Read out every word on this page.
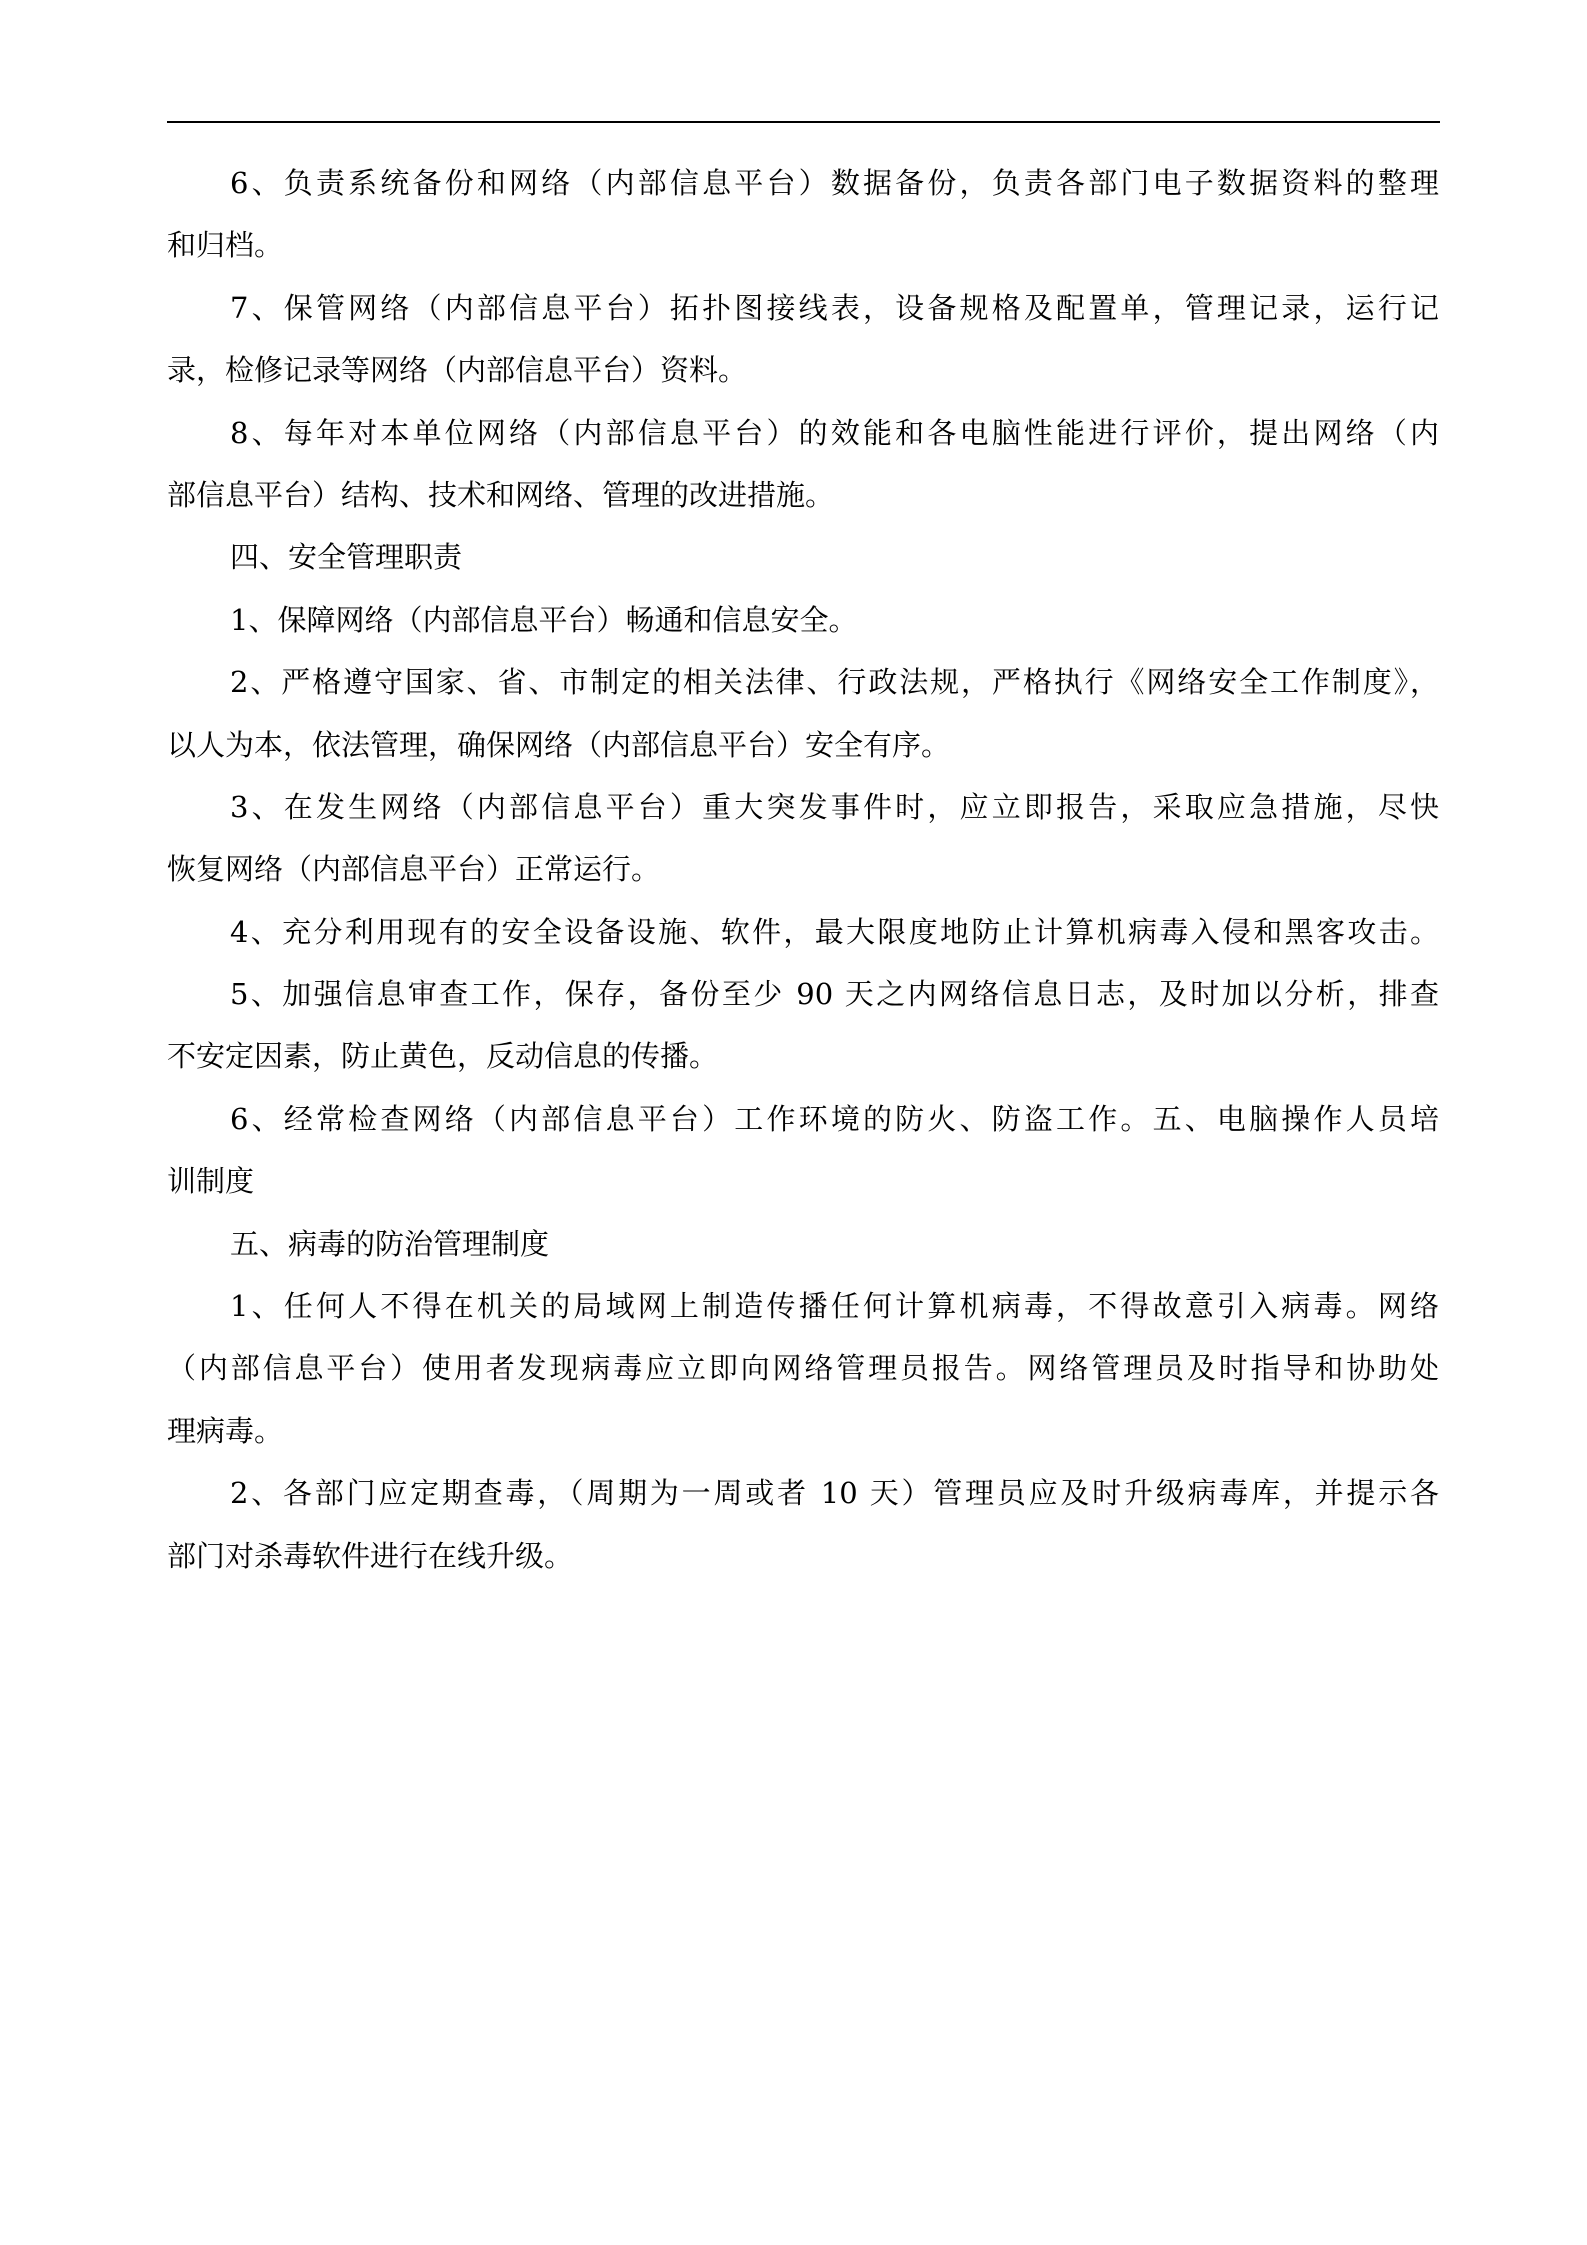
6、负责系统备份和网络（内部信息平台）数据备份，负责各部门电子数据资料的整理
和归档。
7、保管网络（内部信息平台）拓扑图接线表，设备规格及配置单，管理记录，运行记
录，检修记录等网络（内部信息平台）资料。
8、每年对本单位网络（内部信息平台）的效能和各电脑性能进行评价，提出网络（内
部信息平台）结构、技术和网络、管理的改进措施。
四、安全管理职责
1、保障网络（内部信息平台）畅通和信息安全。
2、严格遵守国家、省、市制定的相关法律、行政法规，严格执行《网络安全工作制度》，
以人为本，依法管理，确保网络（内部信息平台）安全有序。
3、在发生网络（内部信息平台）重大突发事件时，应立即报告，采取应急措施，尽快
恢复网络（内部信息平台）正常运行。
4、充分利用现有的安全设备设施、软件，最大限度地防止计算机病毒入侵和黑客攻击。
5、加强信息审查工作，保存，备份至少 90 天之内网络信息日志，及时加以分析，排查
不安定因素，防止黄色，反动信息的传播。
6、经常检查网络（内部信息平台）工作环境的防火、防盗工作。五、电脑操作人员培
训制度
五、病毒的防治管理制度
1、任何人不得在机关的局域网上制造传播任何计算机病毒，不得故意引入病毒。网络
（内部信息平台）使用者发现病毒应立即向网络管理员报告。网络管理员及时指导和协助处
理病毒。
2、各部门应定期查毒，（周期为一周或者 10 天）管理员应及时升级病毒库，并提示各
部门对杀毒软件进行在线升级。
